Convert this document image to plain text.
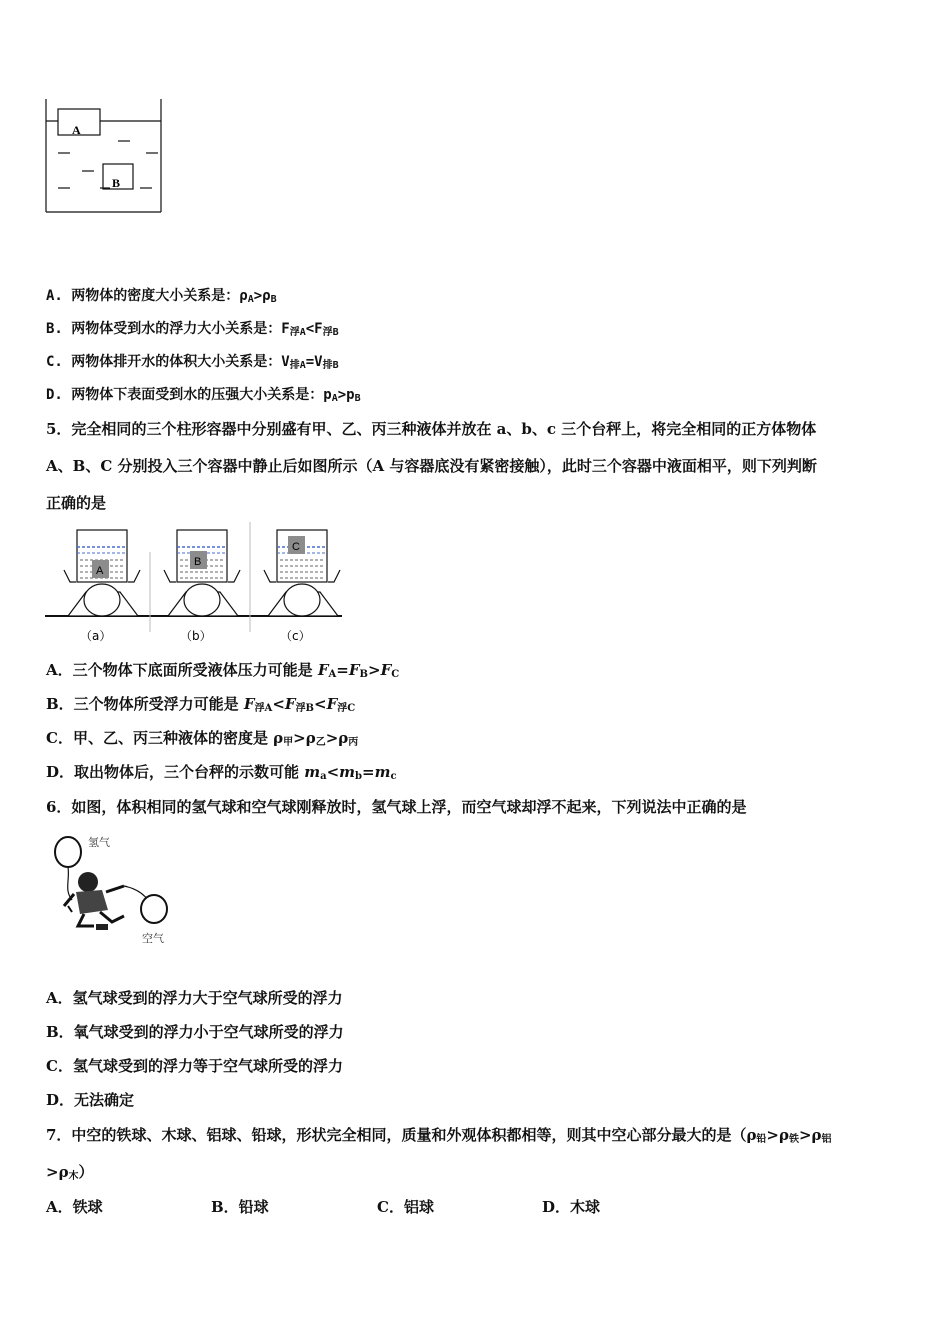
A
B
A. 两物体的密度大小关系是：ρA>ρB
B. 两物体受到水的浮力大小关系是：F浮A<F浮B
C. 两物体排开水的体积大小关系是：V排A=V排B
D. 两物体下表面受到水的压强大小关系是：pA>pB
5．完全相同的三个柱形容器中分别盛有甲、乙、丙三种液体并放在 a、b、c 三个台秤上，将完全相同的正方体物体
A、B、C 分别投入三个容器中静止后如图所示（A 与容器底没有紧密接触），此时三个容器中液面相平，则下列判断
正确的是
A
B
C
（a）	（b）	（c）
A．三个物体下底面所受液体压力可能是 FA=FB>FC
B．三个物体所受浮力可能是 F浮A<F浮B<F浮C
C．甲、乙、丙三种液体的密度是 ρ甲>ρ乙>ρ丙
D．取出物体后，三个台秤的示数可能 ma<mb=mc
6．如图，体积相同的氢气球和空气球刚释放时，氢气球上浮，而空气球却浮不起来，下列说法中正确的是
氢气
空气
A．氢气球受到的浮力大于空气球所受的浮力
B．氧气球受到的浮力小于空气球所受的浮力
C．氢气球受到的浮力等于空气球所受的浮力
D．无法确定
7．中空的铁球、木球、铝球、铅球，形状完全相同，质量和外观体积都相等，则其中空心部分最大的是（ρ铅>ρ铁>ρ铝
>ρ木）
A．铁球	B．铅球	C．铝球	D．木球
